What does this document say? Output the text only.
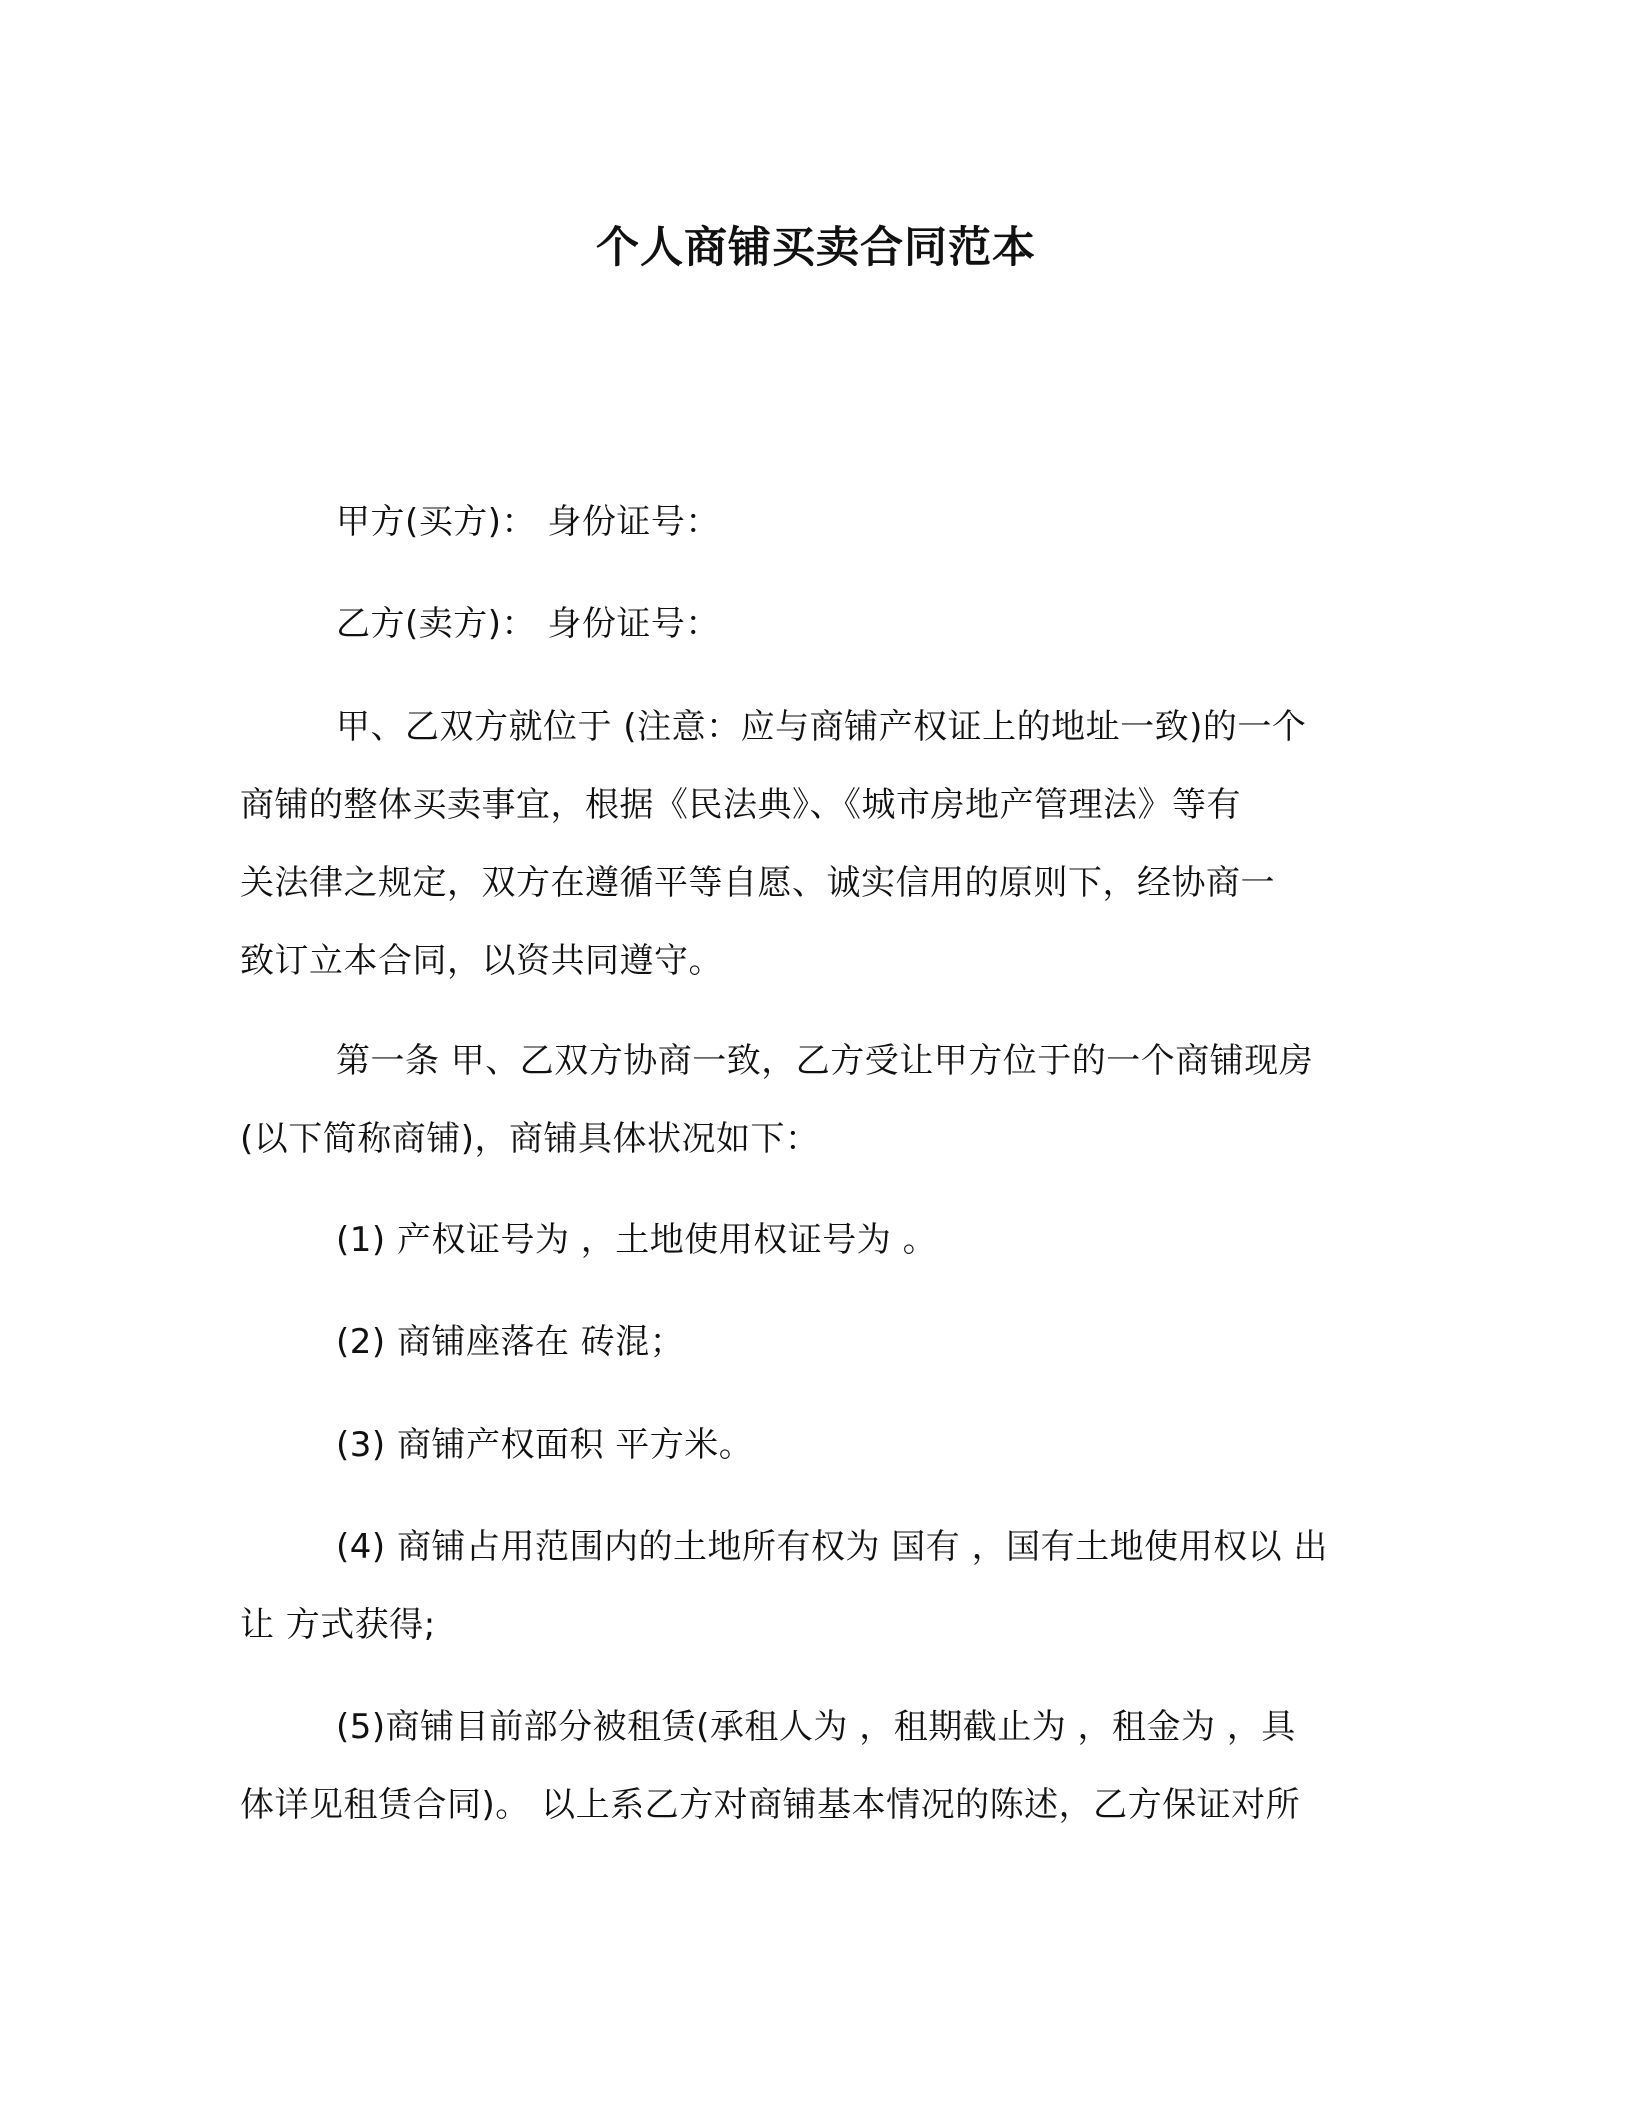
个人商铺买卖合同范本
甲方(买方)： 身份证号：
乙方(卖方)： 身份证号：
甲、乙双方就位于 (注意：应与商铺产权证上的地址一致)的一个
商铺的整体买卖事宜，根据《民法典》、《城市房地产管理法》等有
关法律之规定，双方在遵循平等自愿、诚实信用的原则下，经协商一
致订立本合同，以资共同遵守。
第一条 甲、乙双方协商一致，乙方受让甲方位于的一个商铺现房
(以下简称商铺)，商铺具体状况如下：
(1) 产权证号为 ，土地使用权证号为 。
(2) 商铺座落在 砖混；
(3) 商铺产权面积 平方米。
(4) 商铺占用范围内的土地所有权为 国有 ，国有土地使用权以 出
让 方式获得;
(5)商铺目前部分被租赁(承租人为 ，租期截止为 ，租金为 ，具
体详见租赁合同)。 以上系乙方对商铺基本情况的陈述，乙方保证对所
